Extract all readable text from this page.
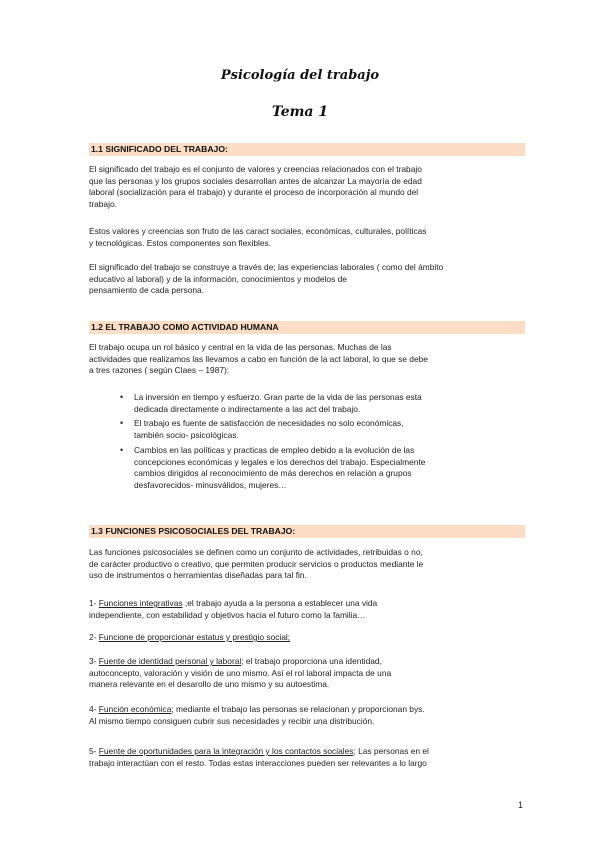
Psicología del trabajo
Tema 1
1.1 SIGNIFICADO DEL TRABAJO:
El significado del trabajo es el conjunto de valores y creencias relacionados con el trabajo
que las personas y los grupos sociales desarrollan antes de alcanzar La mayoría de edad
laboral (socialización para el trabajo) y durante el proceso de incorporación al mundo del
trabajo.
Estos valores y creencias son fruto de las caract sociales, económicas, culturales, políticas
y tecnológicas. Estos componentes son flexibles.
El significado del trabajo se construye a través de; las experiencias laborales ( como del ámbito
educativo al laboral) y de la información, conocimientos y modelos de
pensamiento de cada persona.
1.2 EL TRABAJO COMO ACTIVIDAD HUMANA
El trabajo ocupa un rol básico y central en la vida de las personas. Muchas de las
actividades que realizamos las llevamos a cabo en función de la act laboral, lo que se debe
a tres razones ( según Claes – 1987):
• La inversión en tiempo y esfuerzo. Gran parte de la vida de las personas esta
dedicada directamente o indirectamente a las act del trabajo.
• El trabajo es fuente de satisfacción de necesidades no solo económicas,
también socio- psicológicas.
• Cambios en las políticas y practicas de empleo debido a la evolución de las
concepciones económicas y legales e los derechos del trabajo. Especialmente
cambios dirigidos al reconocimiento de más derechos en relación a grupos
desfavorecidos- minusválidos, mujeres…
1.3 FUNCIONES PSICOSOCIALES DEL TRABAJO:
Las funciones psicosociales se definen como un conjunto de actividades, retribuidas o no,
de carácter productivo o creativo, que permiten producir servicios o productos mediante le
uso de instrumentos o herramientas diseñadas para tal fin.
1- Funciones integrativas ;el trabajo ayuda a la persona a establecer una vida
independiente, con estabilidad y objetivos hacia el futuro como la familia…
2- Funcione de proporcionar estatus y prestigio social;
3- Fuente de identidad personal y laboral; el trabajo proporciona una identidad,
autoconcepto, valoración y visión de uno mismo. Así el rol laboral impacta de una
manera relevante en el desarollo de uno mismo y su autoestima.
4- Función económica; mediante el trabajo las personas se relacionan y proporcionan bys.
Al mismo tiempo consiguen cubrir sus necesidades y recibir una distribución.
5- Fuente de oportunidades para la integración y los contactos sociales; Las personas en el
trabajo interactúan con el resto. Todas estas interacciones pueden ser relevantes a lo largo
1
